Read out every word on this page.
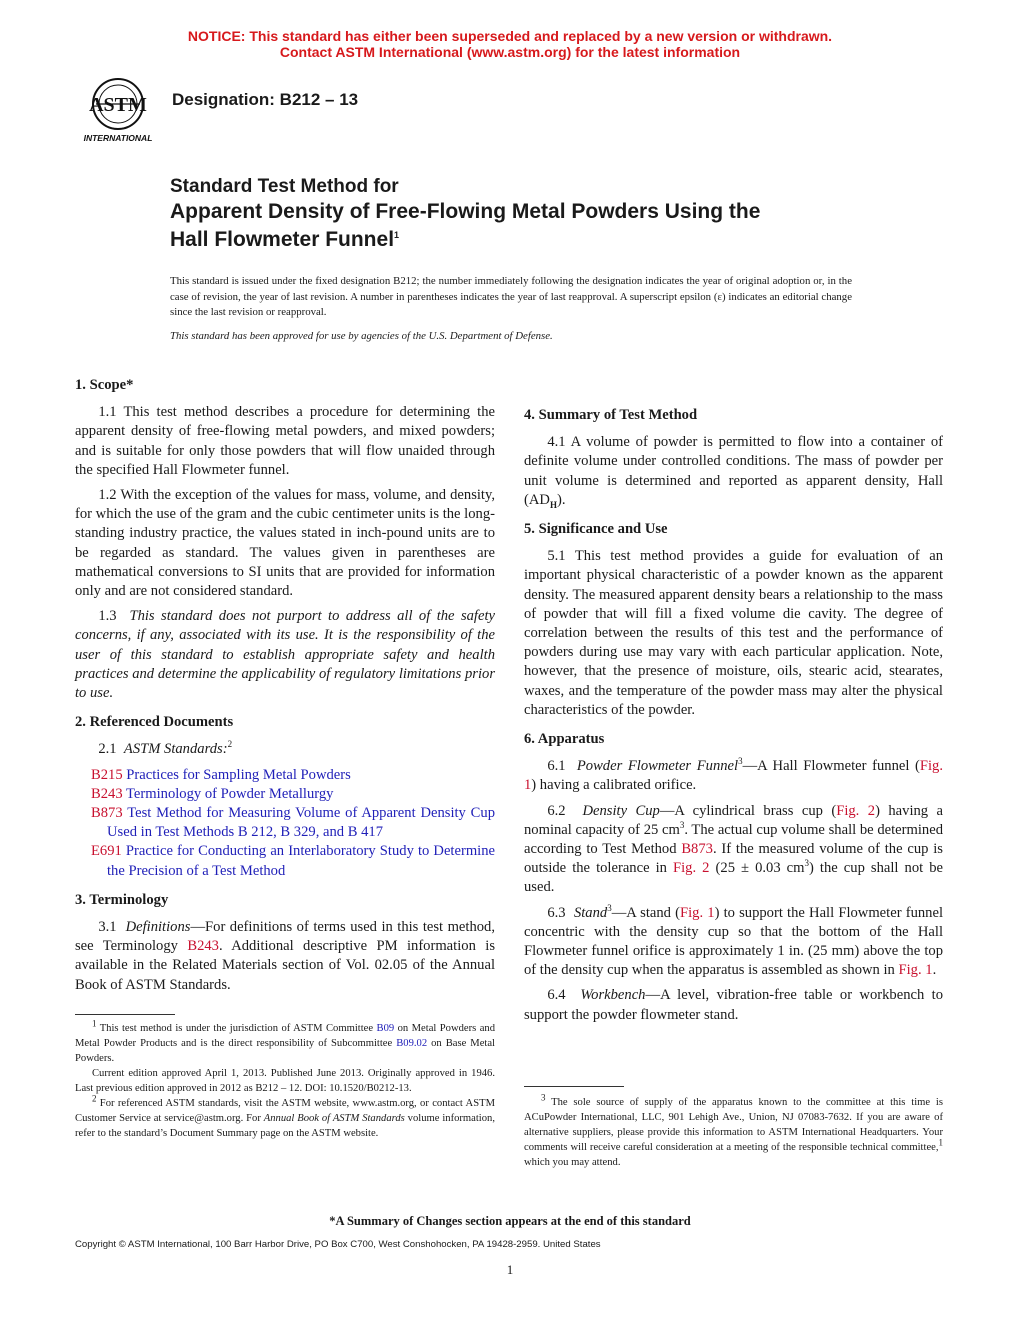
NOTICE: This standard has either been superseded and replaced by a new version or withdrawn.
Contact ASTM International (www.astm.org) for the latest information
ASTM
INTERNATIONAL
Designation: B212 – 13
Standard Test Method for
Apparent Density of Free-Flowing Metal Powders Using the
Hall Flowmeter Funnel$^1$
This standard is issued under the fixed designation B212; the number immediately following the designation indicates the year of original adoption or, in the case of revision, the year of last revision. A number in parentheses indicates the year of last reapproval. A superscript epsilon (ε) indicates an editorial change since the last revision or reapproval.
This standard has been approved for use by agencies of the U.S. Department of Defense.
1. Scope*

1.1 This test method describes a procedure for determining the apparent density of free-flowing metal powders, and mixed powders; and is suitable for only those powders that will flow unaided through the specified Hall Flowmeter funnel.

1.2 With the exception of the values for mass, volume, and density, for which the use of the gram and the cubic centimeter units is the long-standing industry practice, the values stated in inch-pound units are to be regarded as standard. The values given in parentheses are mathematical conversions to SI units that are provided for information only and are not considered standard.

1.3 This standard does not purport to address all of the safety concerns, if any, associated with its use. It is the responsibility of the user of this standard to establish appropriate safety and health practices and determine the applicability of regulatory limitations prior to use.

2. Referenced Documents

2.1 ASTM Standards:$^2$

B215 Practices for Sampling Metal Powders
B243 Terminology of Powder Metallurgy
B873 Test Method for Measuring Volume of Apparent Density Cup Used in Test Methods B 212, B 329, and B 417
E691 Practice for Conducting an Interlaboratory Study to Determine the Precision of a Test Method
3. Terminology

3.1 Definitions—For definitions of terms used in this test method, see Terminology B243. Additional descriptive PM information is available in the Related Materials section of Vol. 02.05 of the Annual Book of ASTM Standards.

4. Summary of Test Method

4.1 A volume of powder is permitted to flow into a container of definite volume under controlled conditions. The mass of powder per unit volume is determined and reported as apparent density, Hall $(AD_H)$.

5. Significance and Use

5.1 This test method provides a guide for evaluation of an important physical characteristic of a powder known as the apparent density. The measured apparent density bears a relationship to the mass of powder that will fill a fixed volume die cavity. The degree of correlation between the results of this test and the performance of powders during use may vary with each particular application. Note, however, that the presence of moisture, oils, stearic acid, stearates, waxes, and the temperature of the powder mass may alter the physical characteristics of the powder.

6. Apparatus

6.1 Powder Flowmeter Funnel$^3$—A Hall Flowmeter funnel (Fig. 1) having a calibrated orifice.

6.2 Density Cup—A cylindrical brass cup (Fig. 2) having a nominal capacity of 25 $cm^3$. The actual cup volume shall be determined according to Test Method B873. If the measured volume of the cup is outside the tolerance in Fig. 2 (25 ± 0.03 $cm^3$) the cup shall not be used.

6.3 Stand$^3$—A stand (Fig. 1) to support the Hall Flowmeter funnel concentric with the density cup so that the bottom of the Hall Flowmeter funnel orifice is approximately 1 in. (25 mm) above the top of the density cup when the apparatus is assembled as shown in Fig. 1.

6.4 Workbench—A level, vibration-free table or workbench to support the powder flowmeter stand.

$^1$ This test method is under the jurisdiction of ASTM Committee B09 on Metal Powders and Metal Powder Products and is the direct responsibility of Subcommittee B09.02 on Base Metal Powders.

Current edition approved April 1, 2013. Published June 2013. Originally approved in 1946. Last previous edition approved in 2012 as B212 – 12. DOI: 10.1520/B0212-13.

$^2$ For referenced ASTM standards, visit the ASTM website, www.astm.org, or contact ASTM Customer Service at service@astm.org. For Annual Book of ASTM Standards volume information, refer to the standard’s Document Summary page on the ASTM website.

$^3$ The sole source of supply of the apparatus known to the committee at this time is ACuPowder International, LLC, 901 Lehigh Ave., Union, NJ 07083-7632. If you are aware of alternative suppliers, please provide this information to ASTM International Headquarters. Your comments will receive careful consideration at a meeting of the responsible technical committee,$^1$ which you may attend.

*A Summary of Changes section appears at the end of this standard
Copyright © ASTM International, 100 Barr Harbor Drive, PO Box C700, West Conshohocken, PA 19428-2959. United States
1
